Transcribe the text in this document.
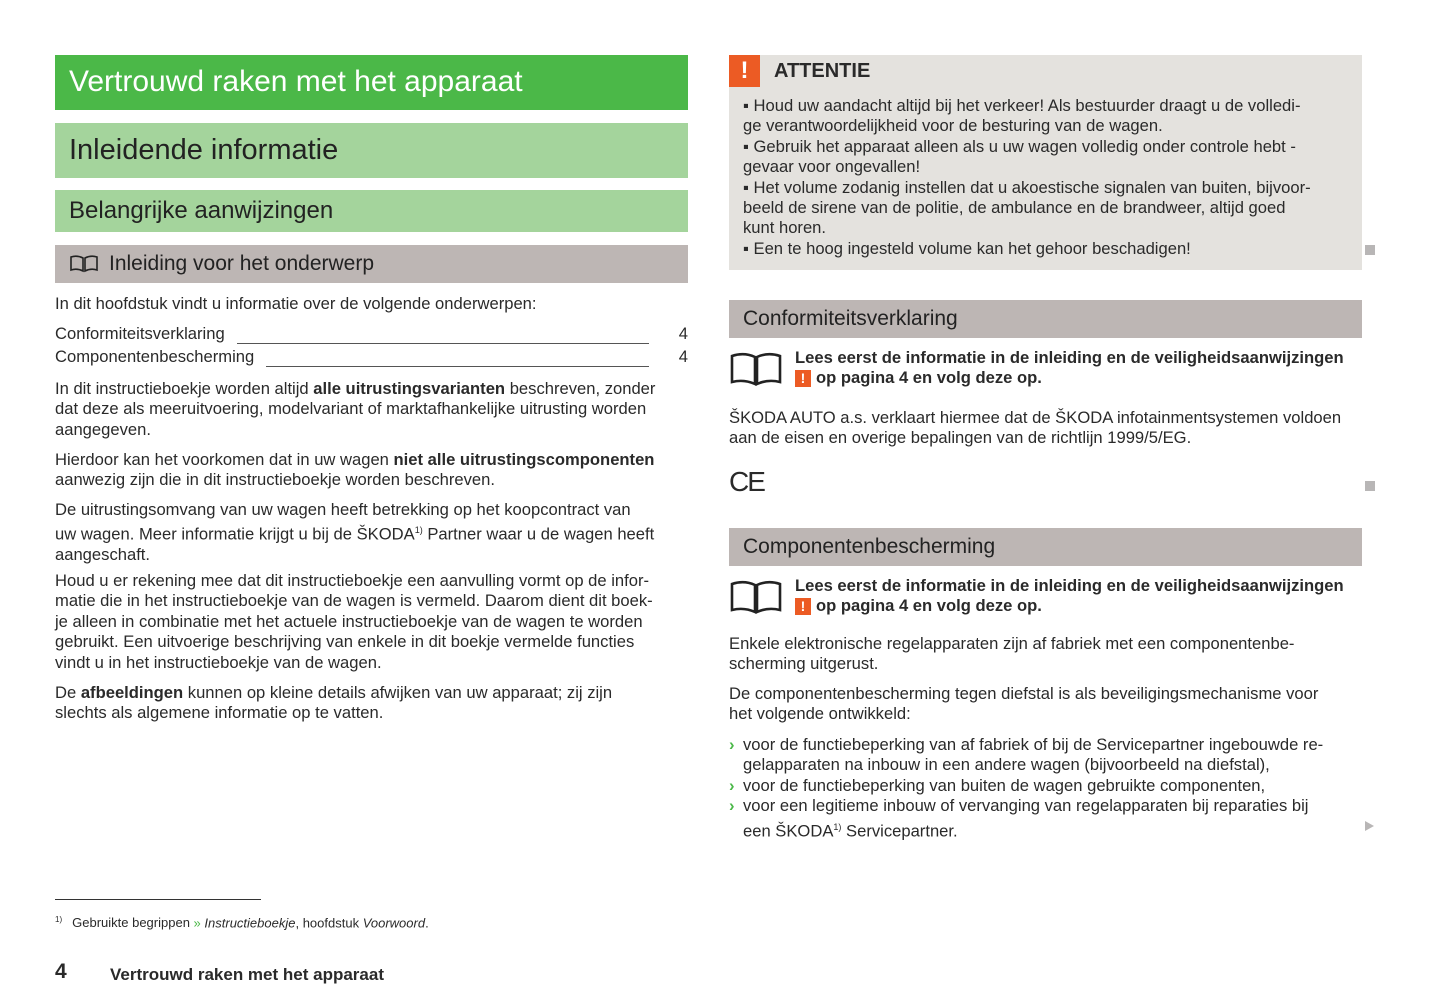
Vertrouwd raken met het apparaat
Inleidende informatie
Belangrijke aanwijzingen
Inleiding voor het onderwerp
In dit hoofdstuk vindt u informatie over de volgende onderwerpen:
Conformiteitsverklaring	4
Componentenbescherming	4
In dit instructieboekje worden altijd alle uitrustingsvarianten beschreven, zonder
dat deze als meeruitvoering, modelvariant of marktafhankelijke uitrusting worden
aangegeven.
Hierdoor kan het voorkomen dat in uw wagen niet alle uitrustingscomponenten
aanwezig zijn die in dit instructieboekje worden beschreven.
De uitrustingsomvang van uw wagen heeft betrekking op het koopcontract van
uw wagen. Meer informatie krijgt u bij de ŠKODA$^{1)}$ Partner waar u de wagen heeft
aangeschaft.
Houd u er rekening mee dat dit instructieboekje een aanvulling vormt op de infor-
matie die in het instructieboekje van de wagen is vermeld. Daarom dient dit boek-
je alleen in combinatie met het actuele instructieboekje van de wagen te worden
gebruikt. Een uitvoerige beschrijving van enkele in dit boekje vermelde functies
vindt u in het instructieboekje van de wagen.
De afbeeldingen kunnen op kleine details afwijken van uw apparaat; zij zijn
slechts als algemene informatie op te vatten.
!	ATTENTIE
▪ Houd uw aandacht altijd bij het verkeer! Als bestuurder draagt u de volledi-
ge verantwoordelijkheid voor de besturing van de wagen.
▪ Gebruik het apparaat alleen als u uw wagen volledig onder controle hebt -
gevaar voor ongevallen!
▪ Het volume zodanig instellen dat u akoestische signalen van buiten, bijvoor-
beeld de sirene van de politie, de ambulance en de brandweer, altijd goed
kunt horen.
▪ Een te hoog ingesteld volume kan het gehoor beschadigen!
Conformiteitsverklaring
Lees eerst de informatie in de inleiding en de veiligheidsaanwijzingen
! op pagina 4 en volg deze op.
ŠKODA AUTO a.s. verklaart hiermee dat de ŠKODA infotainmentsystemen voldoen
aan de eisen en overige bepalingen van de richtlijn 1999/5/EG.
CE
Componentenbescherming
Lees eerst de informatie in de inleiding en de veiligheidsaanwijzingen
! op pagina 4 en volg deze op.
Enkele elektronische regelapparaten zijn af fabriek met een componentenbe-
scherming uitgerust.
De componentenbescherming tegen diefstal is als beveiligingsmechanisme voor
het volgende ontwikkeld:
› voor de functiebeperking van af fabriek of bij de Servicepartner ingebouwde re-
gelapparaten na inbouw in een andere wagen (bijvoorbeeld na diefstal),
› voor de functiebeperking van buiten de wagen gebruikte componenten,
› voor een legitieme inbouw of vervanging van regelapparaten bij reparaties bij
een ŠKODA$^{1)}$ Servicepartner.
$^{1)}$ Gebruikte begrippen » Instructieboekje, hoofdstuk Voorwoord.
4	Vertrouwd raken met het apparaat
